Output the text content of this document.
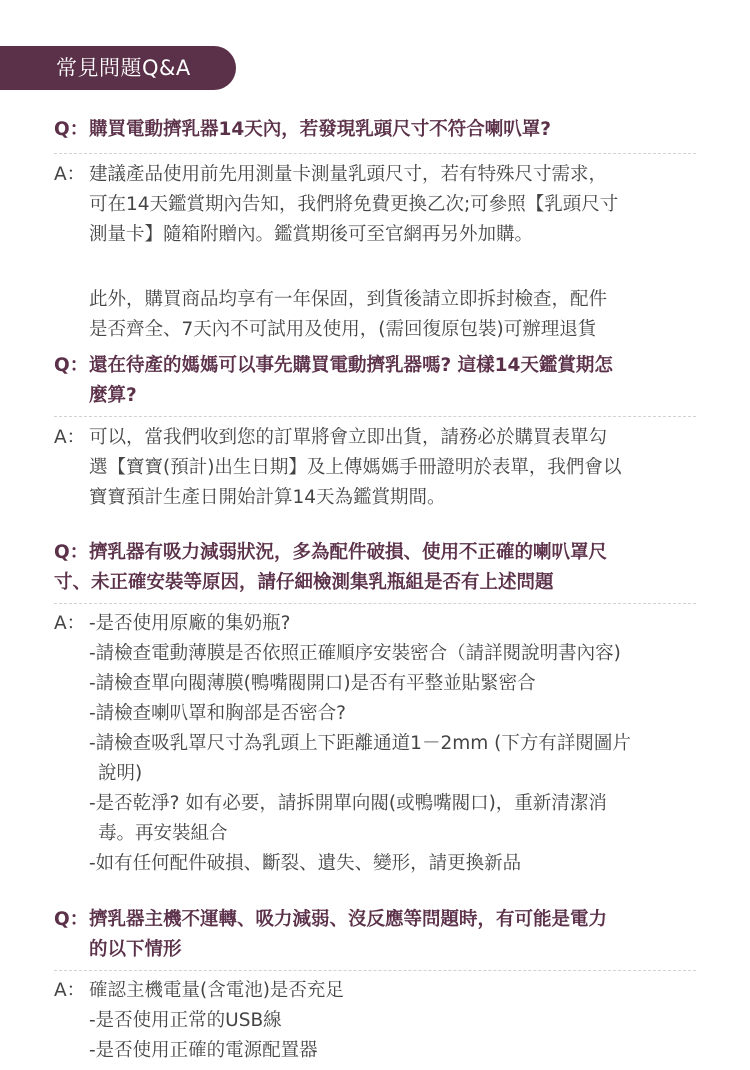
常見問題Q&A
Q：購買電動擠乳器14天內，若發現乳頭尺寸不符合喇叭罩?
A： 建議產品使用前先用測量卡測量乳頭尺寸，若有特殊尺寸需求，
可在14天鑑賞期內告知，我們將免費更換乙次;可參照【乳頭尺寸
測量卡】隨箱附贈內。鑑賞期後可至官網再另外加購。
此外，購買商品均享有一年保固，到貨後請立即拆封檢查，配件
是否齊全、7天內不可試用及使用，(需回復原包裝)可辦理退貨
Q：還在待產的媽媽可以事先購買電動擠乳器嗎? 這樣14天鑑賞期怎
麼算?
A： 可以，當我們收到您的訂單將會立即出貨，請務必於購買表單勾
選【寶寶(預計)出生日期】及上傳媽媽手冊證明於表單，我們會以
寶寶預計生產日開始計算14天為鑑賞期間。
Q：擠乳器有吸力減弱狀況，多為配件破損、使用不正確的喇叭罩尺
寸、未正確安裝等原因，請仔細檢測集乳瓶組是否有上述問題
A： -是否使用原廠的集奶瓶?
-請檢查電動薄膜是否依照正確順序安裝密合（請詳閱說明書內容)
-請檢查單向閥薄膜(鴨嘴閥開口)是否有平整並貼緊密合
-請檢查喇叭罩和胸部是否密合?
-請檢查吸乳罩尺寸為乳頭上下距離通道1－2mm (下方有詳閱圖片
說明)
-是否乾淨? 如有必要，請拆開單向閥(或鴨嘴閥口)，重新清潔消
毒。再安裝組合
-如有任何配件破損、斷裂、遺失、變形，請更換新品
Q：擠乳器主機不運轉、吸力減弱、沒反應等問題時，有可能是電力
的以下情形
A： 確認主機電量(含電池)是否充足
-是否使用正常的USB線
-是否使用正確的電源配置器
